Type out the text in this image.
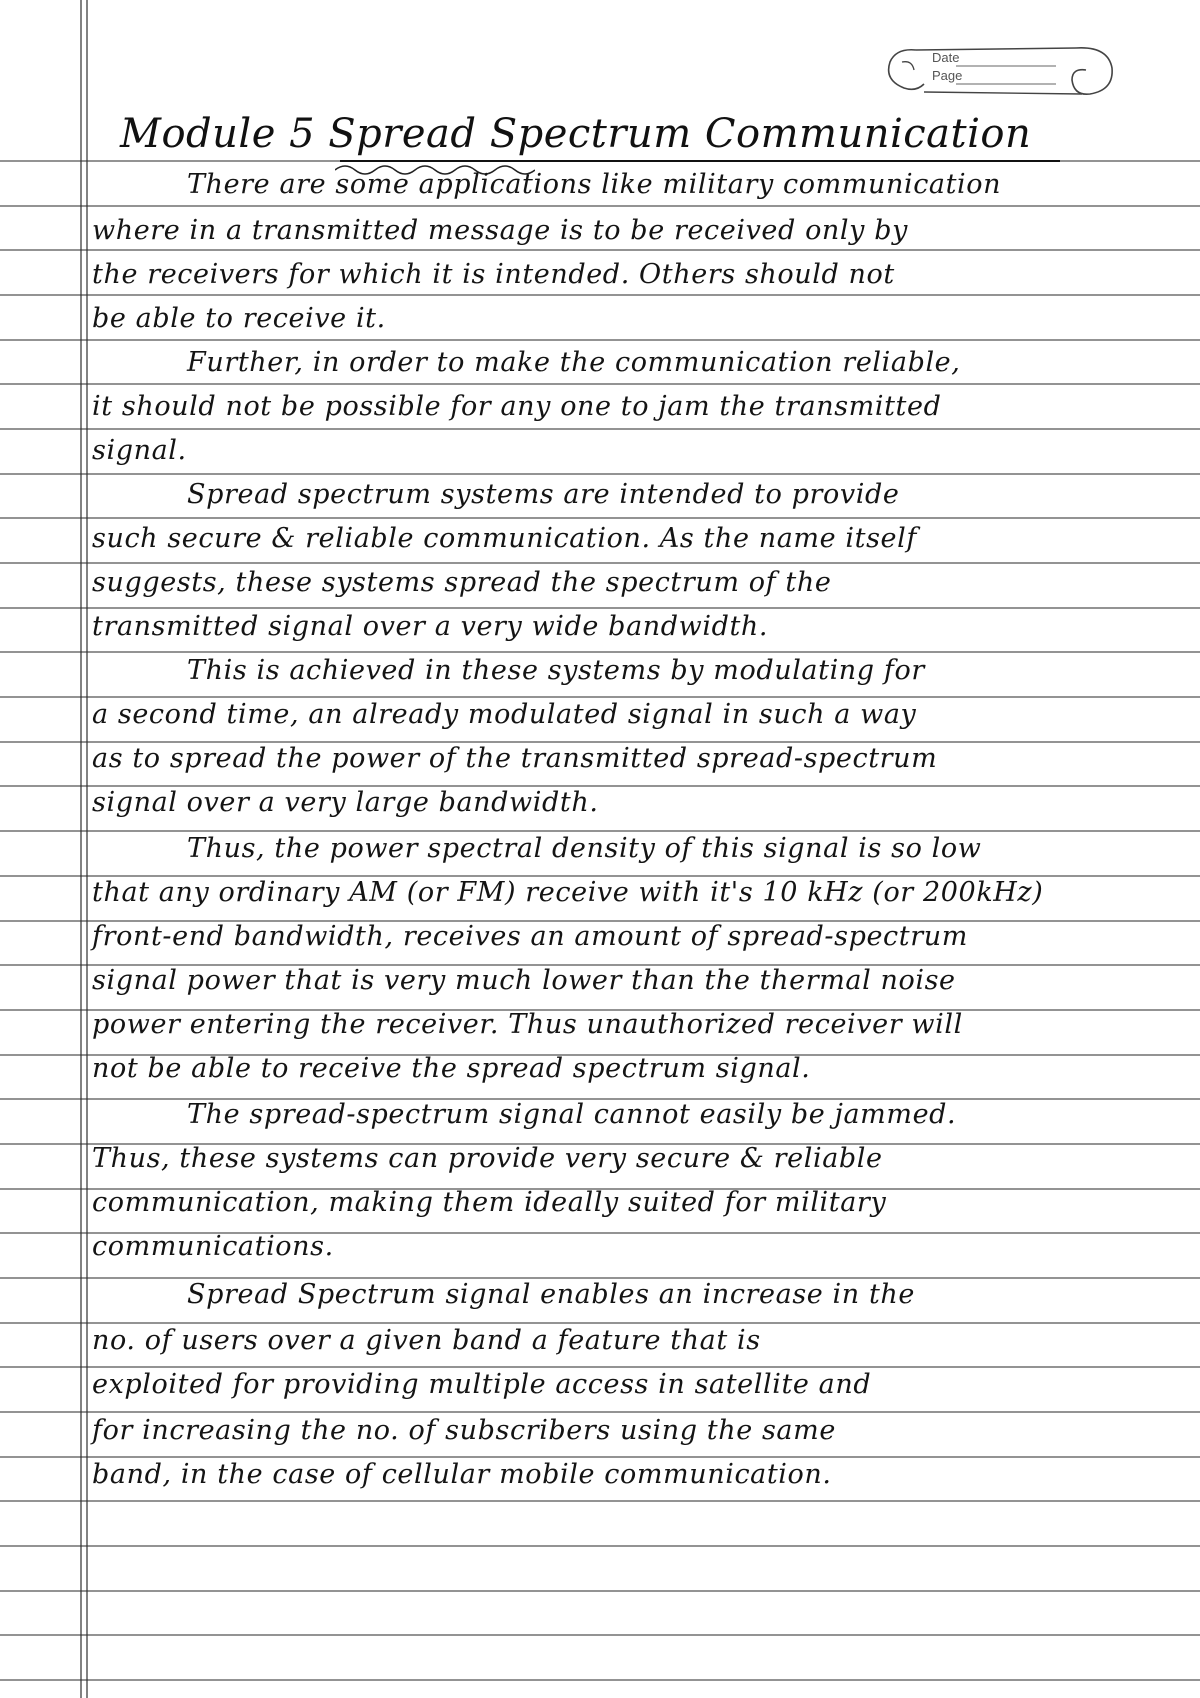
Date
Page
Module 5 Spread Spectrum Communication
There are some applications like military communication
where in a transmitted message is to be received only by
the receivers for which it is intended. Others should not
be able to receive it.
Further, in order to make the communication reliable,
it should not be possible for any one to jam the transmitted
signal.
Spread spectrum systems are intended to provide
such secure & reliable communication. As the name itself
suggests, these systems spread the spectrum of the
transmitted signal over a very wide bandwidth.
This is achieved in these systems by modulating for
a second time, an already modulated signal in such a way
as to spread the power of the transmitted spread-spectrum
signal over a very large bandwidth.
Thus, the power spectral density of this signal is so low
that any ordinary AM (or FM) receive with it's 10 kHz (or 200kHz)
front-end bandwidth, receives an amount of spread-spectrum
signal power that is very much lower than the thermal noise
power entering the receiver. Thus unauthorized receiver will
not be able to receive the spread spectrum signal.
The spread-spectrum signal cannot easily be jammed.
Thus, these systems can provide very secure & reliable
communication, making them ideally suited for military
communications.
Spread Spectrum signal enables an increase in the
no. of users over a given band a feature that is
exploited for providing multiple access in satellite and
for increasing the no. of subscribers using the same
band, in the case of cellular mobile communication.
